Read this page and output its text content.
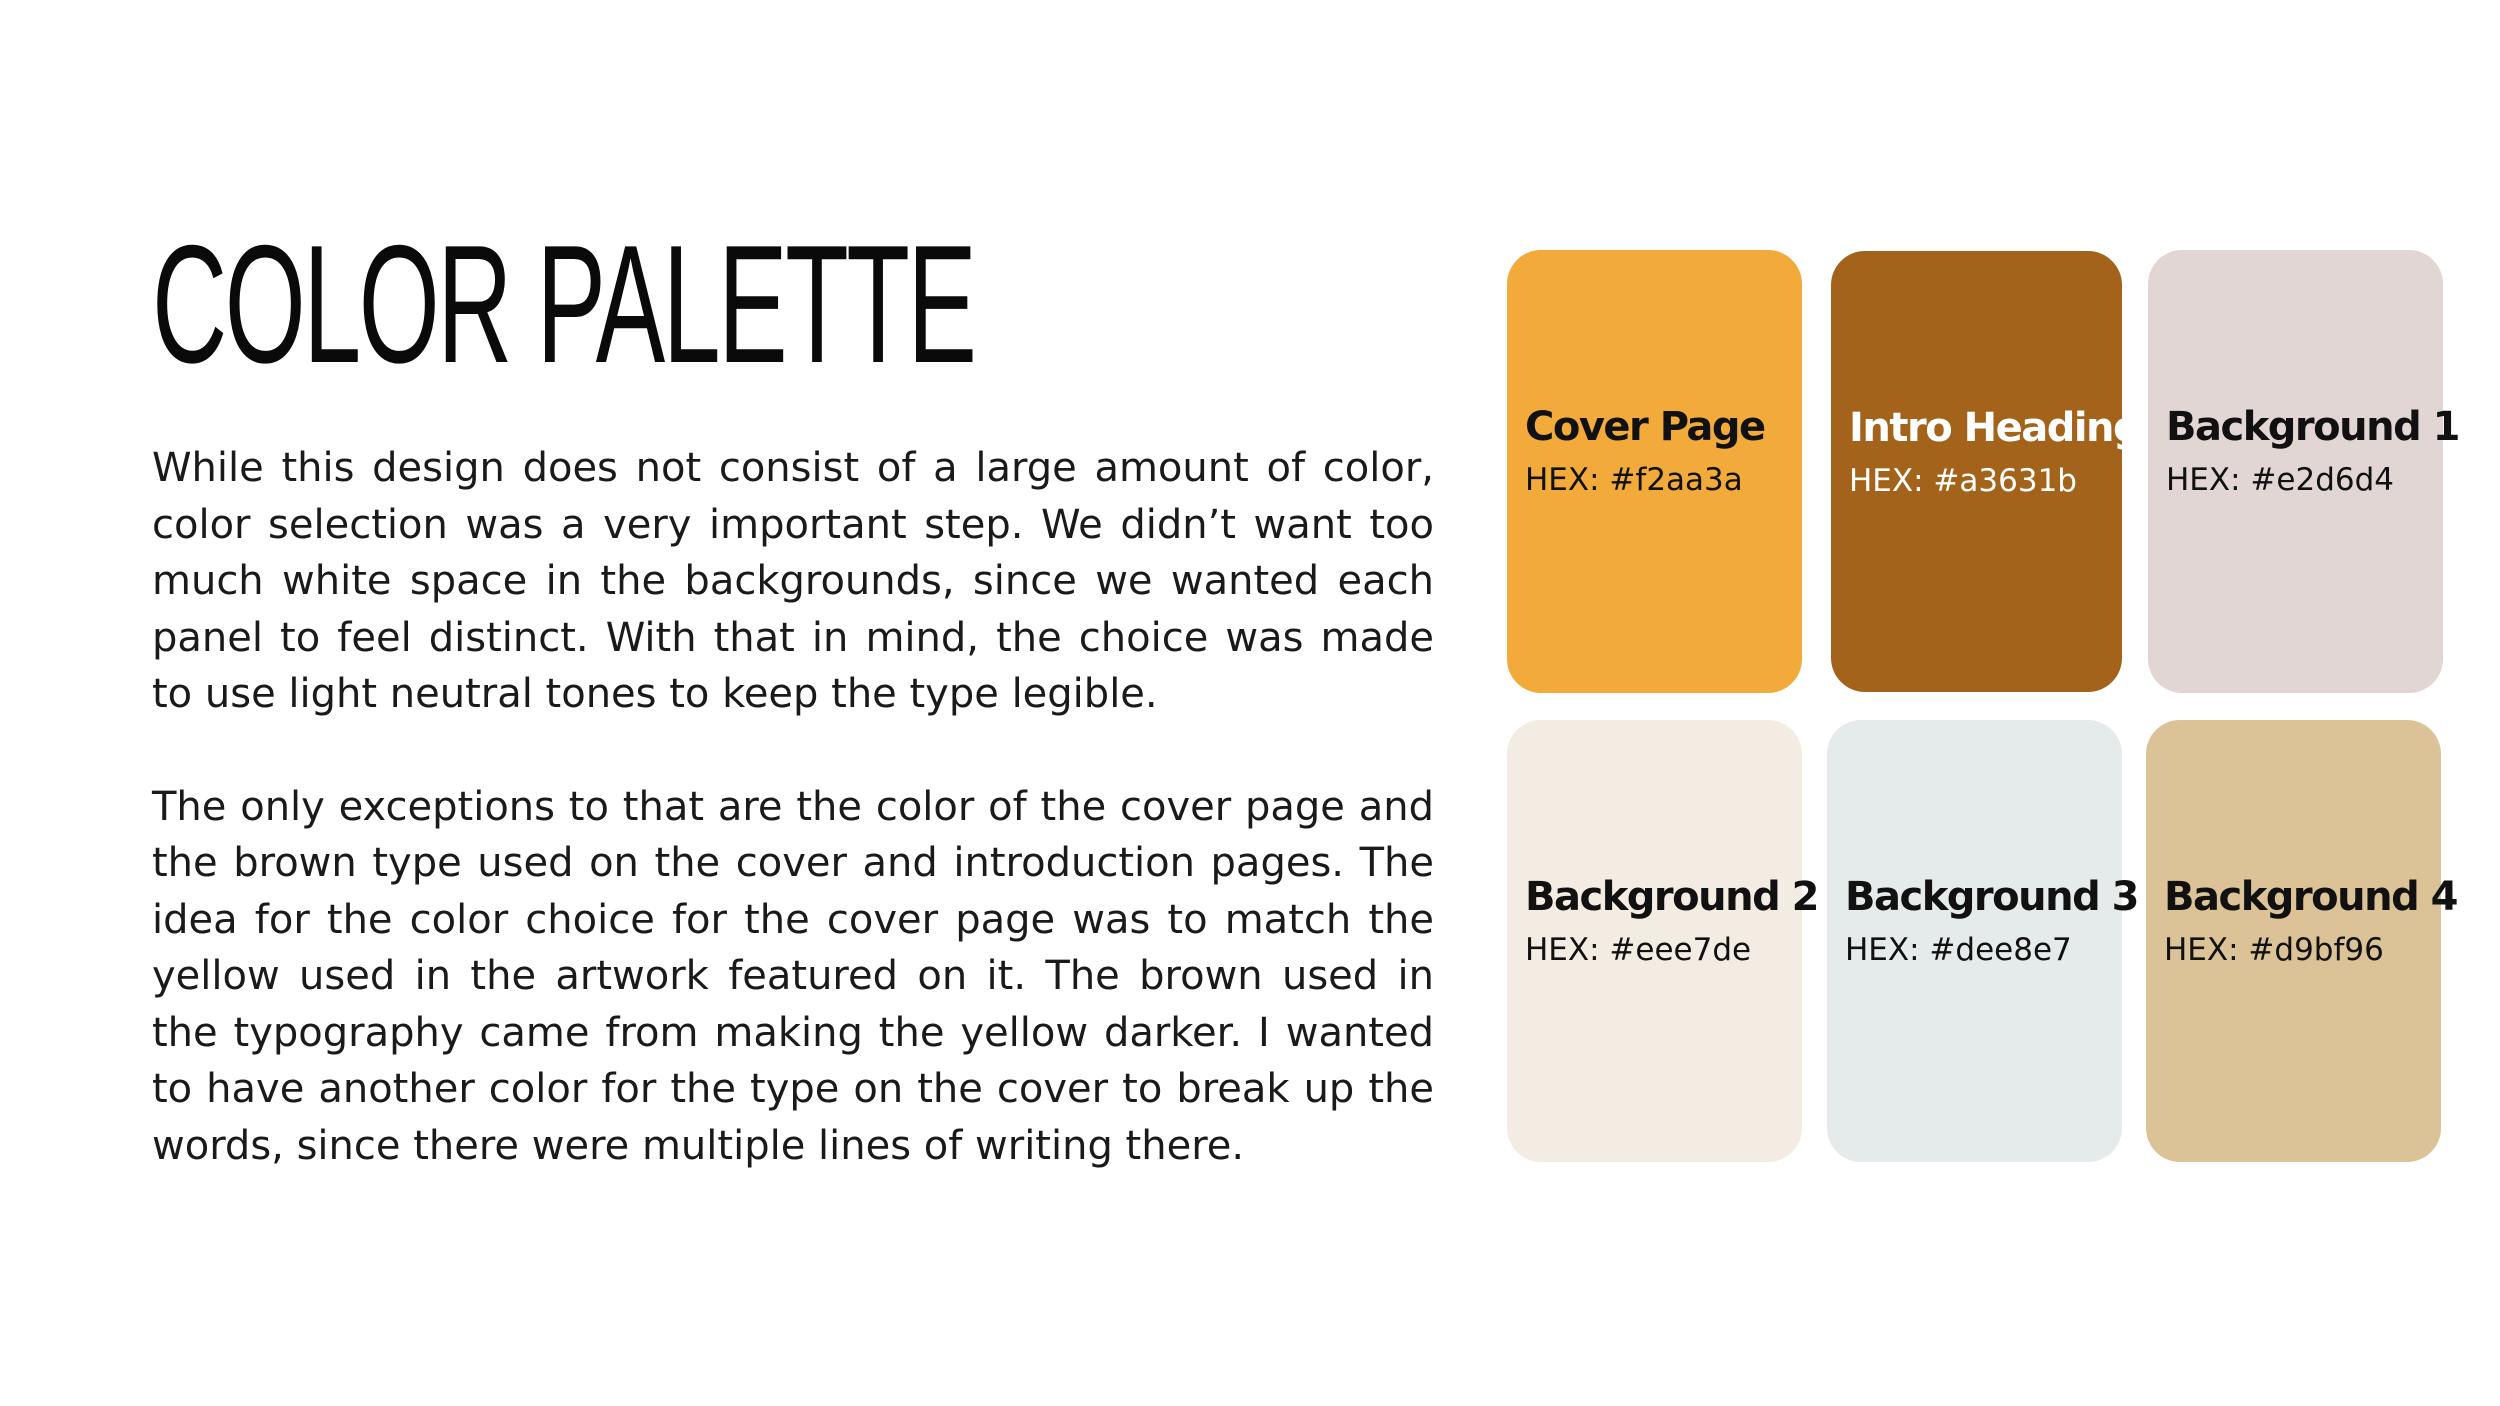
COLOR PALETTE

While this design does not consist of a large amount of color, color selection was a very important step. We didn’t want too much white space in the backgrounds, since we wanted each panel to feel distinct. With that in mind, the choice was made to use light neutral tones to keep the type legible.

The only exceptions to that are the color of the cover page and the brown type used on the cover and introduction pages. The idea for the color choice for the cover page was to match the yellow used in the artwork featured on it. The brown used in the typography came from making the yellow darker. I wanted to have another color for the type on the cover to break up the words, since there were multiple lines of writing there.

Cover Page
HEX: #f2aa3a
Intro Heading
HEX: #a3631b
Background 1
HEX: #e2d6d4
Background 2
HEX: #eee7de
Background 3
HEX: #dee8e7
Background 4
HEX: #d9bf96
